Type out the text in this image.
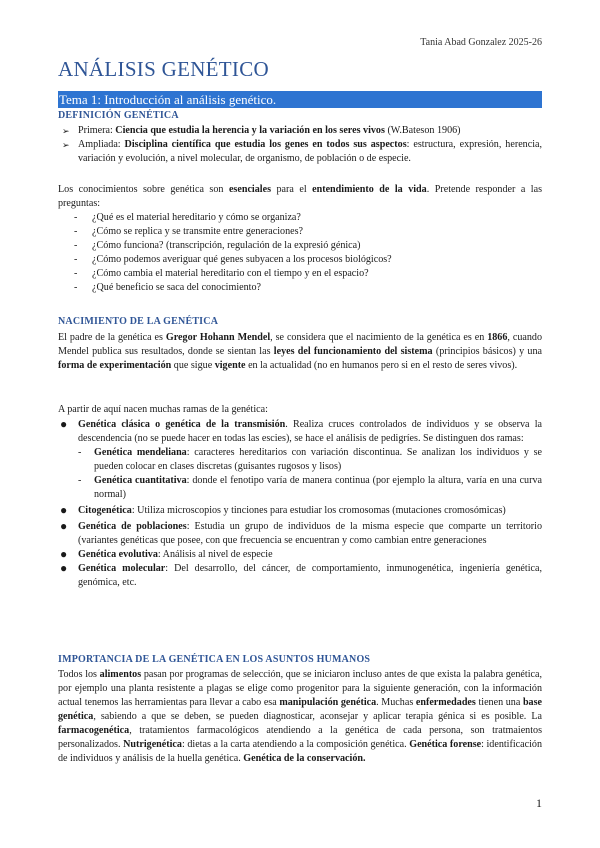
Tania Abad Gonzalez 2025-26
ANÁLISIS GENÉTICO
Tema 1: Introducción al análisis genético.
DEFINICIÓN GENÉTICA
➢ Primera: Ciencia que estudia la herencia y la variación en los seres vivos (W.Bateson 1906)
➢ Ampliada: Disciplina científica que estudia los genes en todos sus aspectos: estructura, expresión, herencia, variación y evolución, a nivel molecular, de organismo, de población o de especie.
Los conocimientos sobre genética son esenciales para el entendimiento de la vida. Pretende responder a las preguntas:
- ¿Qué es el material hereditario y cómo se organiza?
- ¿Cómo se replica y se transmite entre generaciones?
- ¿Cómo funciona? (transcripción, regulación de la expresió génica)
- ¿Cómo podemos averiguar qué genes subyacen a los procesos biológicos?
- ¿Cómo cambia el material hereditario con el tiempo y en el espacio?
- ¿Qué beneficio se saca del conocimiento?
NACIMIENTO DE LA GENÉTICA
El padre de la genética es Gregor Hohann Mendel, se considera que el nacimiento de la genética es en 1866, cuando Mendel publica sus resultados, donde se sientan las leyes del funcionamiento del sistema (principios básicos) y una forma de experimentación que sigue vigente en la actualidad (no en humanos pero si en el resto de seres vivos).
A partir de aquí nacen muchas ramas de la genética:
● Genética clásica o genética de la transmisión. Realiza cruces controlados de individuos y se observa la descendencia (no se puede hacer en todas las escies), se hace el análisis de pedigríes. Se distinguen dos ramas:
- Genética mendeliana: caracteres hereditarios con variación discontinua. Se analizan los individuos y se pueden colocar en clases discretas (guisantes rugosos y lisos)
- Genética cuantitativa: donde el fenotipo varía de manera continua (por ejemplo la altura, varía en una curva normal)
● Citogenética: Utiliza microscopios y tinciones para estudiar los cromosomas (mutaciones cromosómicas)
● Genética de poblaciones: Estudia un grupo de individuos de la misma especie que comparte un territorio (variantes genéticas que posee, con que frecuencia se encuentran y como cambian entre generaciones
● Genética evolutiva: Análisis al nivel de especie
● Genética molecular: Del desarrollo, del cáncer, de comportamiento, inmunogenética, ingeniería genética, genómica, etc.
IMPORTANCIA DE LA GENÉTICA EN LOS ASUNTOS HUMANOS
Todos los alimentos pasan por programas de selección, que se iniciaron incluso antes de que exista la palabra genética, por ejemplo una planta resistente a plagas se elige como progenitor para la siguiente generación, con la información actual tenemos las herramientas para llevar a cabo esa manipulación genética. Muchas enfermedades tienen una base genética, sabiendo a que se deben, se pueden diagnosticar, aconsejar y aplicar terapia génica si es posible. La farmacogenética, tratamientos farmacológicos atendiendo a la genética de cada persona, son tratmaientos personalizados. Nutrigenética: dietas a la carta atendiendo a la composición genética. Genética forense: identificación de individuos y análisis de la huella genética. Genética de la conservación.
1
